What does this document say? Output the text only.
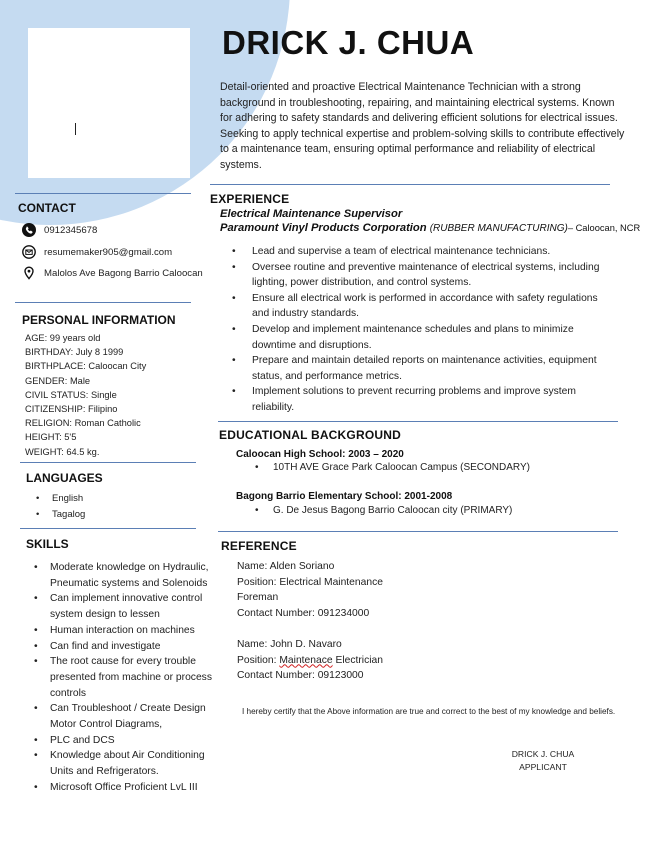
DRICK J. CHUA
Detail-oriented and proactive Electrical Maintenance Technician with a strong background in troubleshooting, repairing, and maintaining electrical systems. Known for adhering to safety standards and delivering efficient solutions for electrical issues. Seeking to apply technical expertise and problem-solving skills to contribute effectively to a maintenance team, ensuring optimal performance and reliability of electrical systems.
CONTACT
0912345678
resumemaker905@gmail.com
Malolos Ave Bagong Barrio Caloocan
PERSONAL INFORMATION
AGE: 99 years old
BIRTHDAY: July 8 1999
BIRTHPLACE: Caloocan City
GENDER: Male
CIVIL STATUS: Single
CITIZENSHIP: Filipino
RELIGION: Roman Catholic
HEIGHT: 5'5
WEIGHT: 64.5 kg.
LANGUAGES
• English
• Tagalog
SKILLS
• Moderate knowledge on Hydraulic, Pneumatic systems and Solenoids
• Can implement innovative control system design to lessen
• Human interaction on machines
• Can find and investigate
• The root cause for every trouble presented from machine or process controls
• Can Troubleshoot / Create Design Motor Control Diagrams,
• PLC and DCS
• Knowledge about Air Conditioning Units and Refrigerators.
• Microsoft Office Proficient LvL III
EXPERIENCE
Electrical Maintenance Supervisor
Paramount Vinyl Products Corporation (RUBBER MANUFACTURING)– Caloocan, NCR
• Lead and supervise a team of electrical maintenance technicians.
• Oversee routine and preventive maintenance of electrical systems, including lighting, power distribution, and control systems.
• Ensure all electrical work is performed in accordance with safety regulations and industry standards.
• Develop and implement maintenance schedules and plans to minimize downtime and disruptions.
• Prepare and maintain detailed reports on maintenance activities, equipment status, and performance metrics.
• Implement solutions to prevent recurring problems and improve system reliability.
EDUCATIONAL BACKGROUND
Caloocan High School: 2003 – 2020
• 10TH AVE Grace Park Caloocan Campus (SECONDARY)
Bagong Barrio Elementary School: 2001-2008
• G. De Jesus Bagong Barrio Caloocan city (PRIMARY)
REFERENCE
Name: Alden Soriano
Position: Electrical Maintenance
Foreman
Contact Number: 091234000
Name: John D. Navaro
Position: Maintenace Electrician
Contact Number: 09123000
I hereby certify that the Above information are true and correct to the best of my knowledge and beliefs.
DRICK J. CHUA
APPLICANT
